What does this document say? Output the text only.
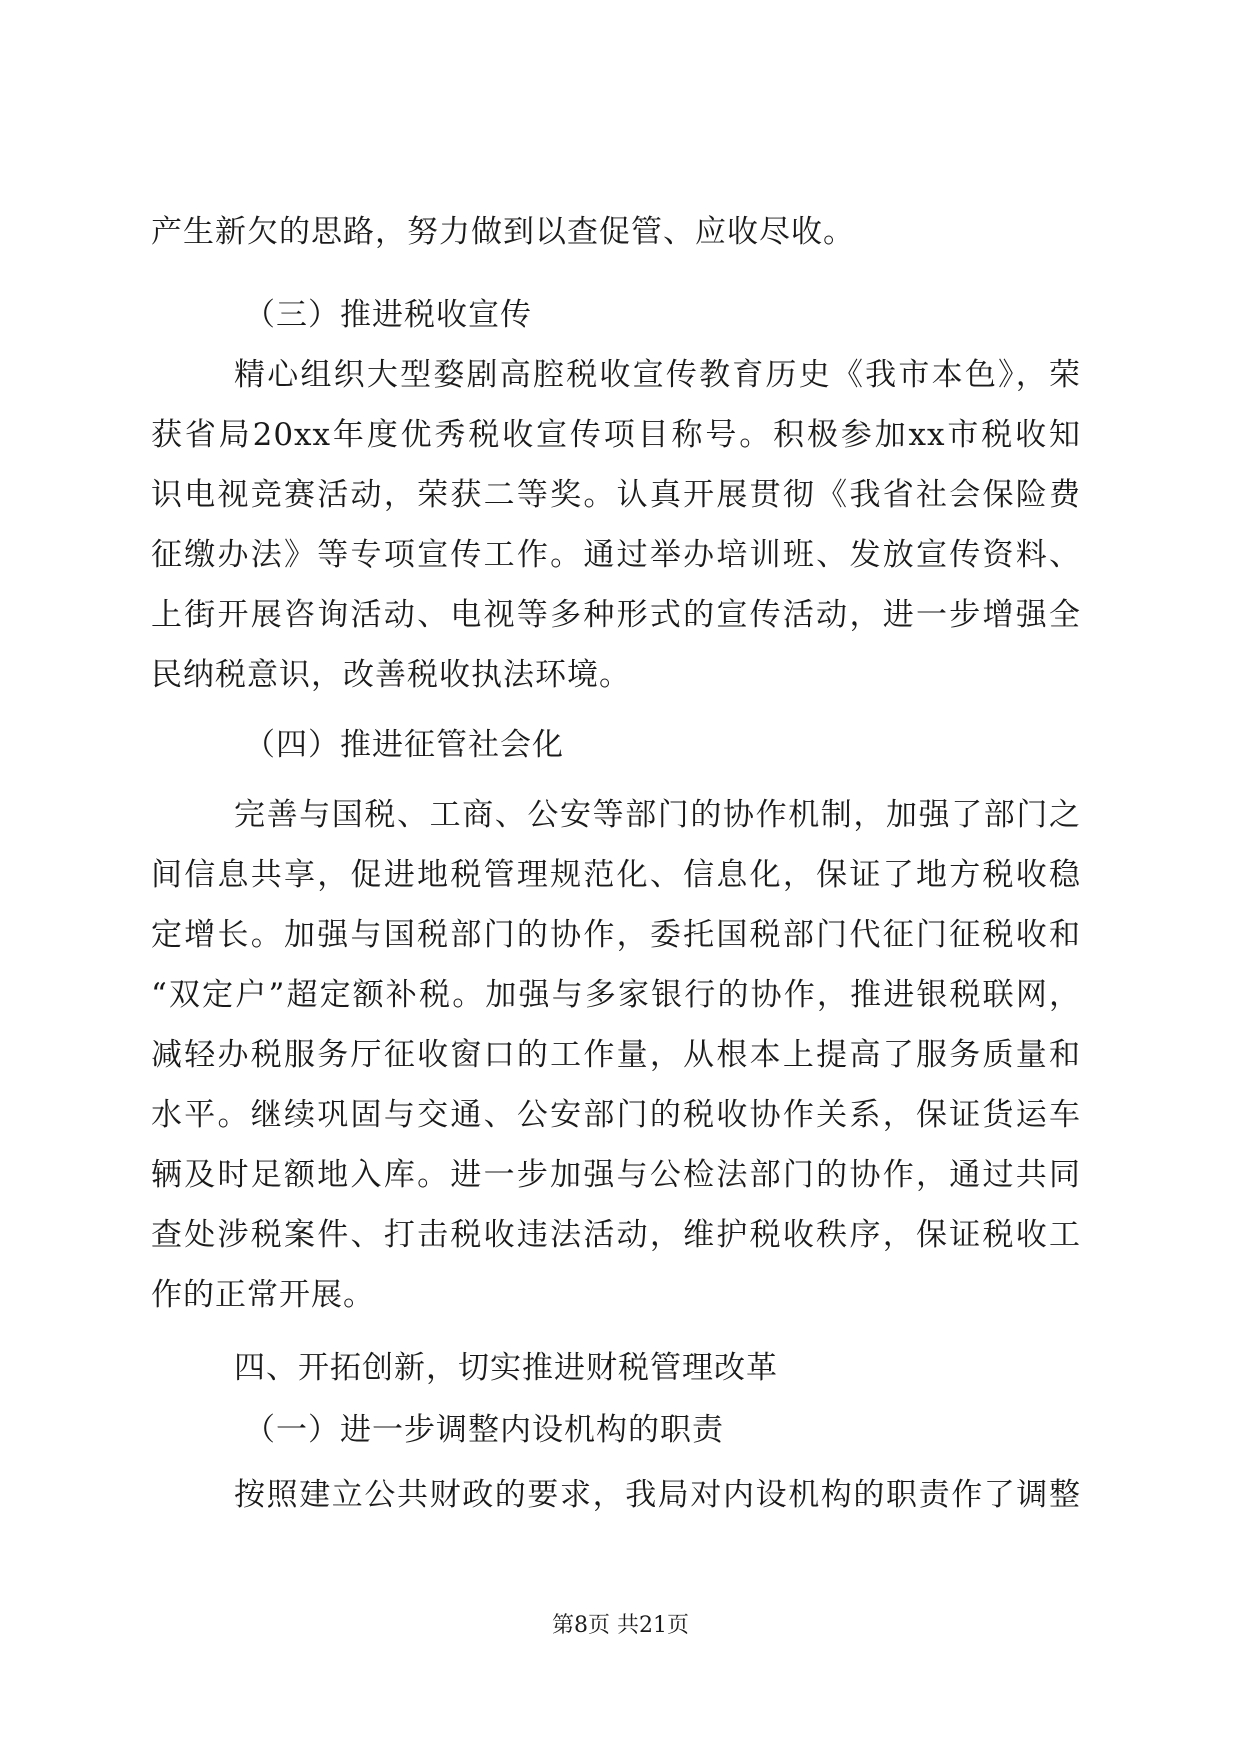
产生新欠的思路，努力做到以查促管、应收尽收。
（三）推进税收宣传
精心组织大型婺剧高腔税收宣传教育历史《我市本色》，荣
获省局20xx年度优秀税收宣传项目称号。积极参加xx市税收知
识电视竞赛活动，荣获二等奖。认真开展贯彻《我省社会保险费
征缴办法》等专项宣传工作。通过举办培训班、发放宣传资料、
上街开展咨询活动、电视等多种形式的宣传活动，进一步增强全
民纳税意识，改善税收执法环境。
（四）推进征管社会化
完善与国税、工商、公安等部门的协作机制，加强了部门之
间信息共享，促进地税管理规范化、信息化，保证了地方税收稳
定增长。加强与国税部门的协作，委托国税部门代征门征税收和
“双定户”超定额补税。加强与多家银行的协作，推进银税联网，
减轻办税服务厅征收窗口的工作量，从根本上提高了服务质量和
水平。继续巩固与交通、公安部门的税收协作关系，保证货运车
辆及时足额地入库。进一步加强与公检法部门的协作，通过共同
查处涉税案件、打击税收违法活动，维护税收秩序，保证税收工
作的正常开展。
四、开拓创新，切实推进财税管理改革
（一）进一步调整内设机构的职责
按照建立公共财政的要求，我局对内设机构的职责作了调整
第8页 共21页
